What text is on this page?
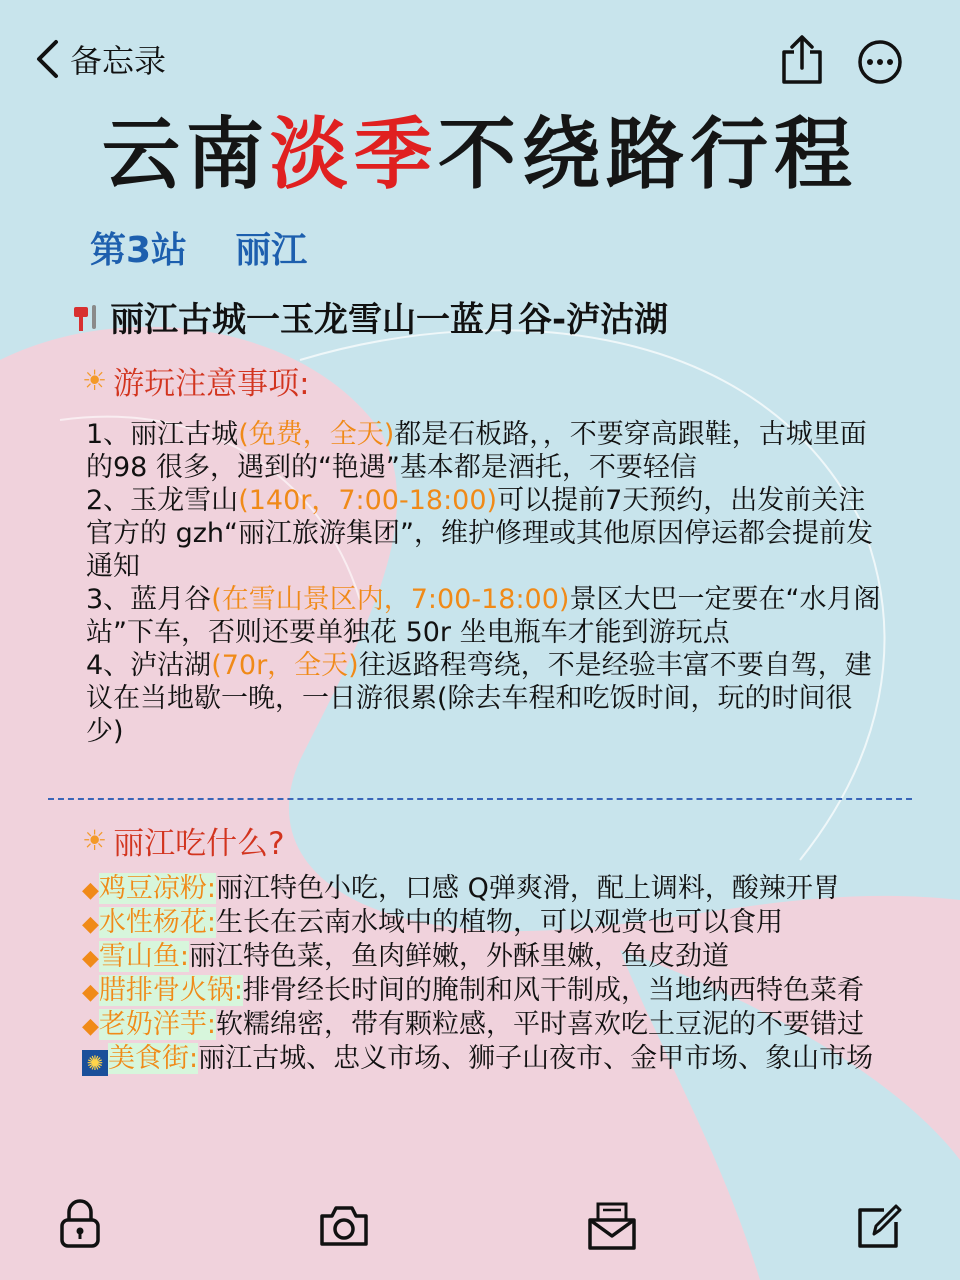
备忘录
云南淡季不绕路行程
第3站 丽江
丽江古城一玉龙雪山一蓝月谷-泸沽湖
☀ 游玩注意事项:

1、丽江古城(免费，全天)都是石板路，，不要穿高跟鞋，古城里面的98 很多，遇到的“艳遇”基本都是酒托，不要轻信

2、玉龙雪山(140r，7:00-18:00)可以提前7天预约，出发前关注官方的 gzh“丽江旅游集团”，维护修理或其他原因停运都会提前发通知

3、蓝月谷(在雪山景区内，7:00-18:00)景区大巴一定要在“水月阁站”下车，否则还要单独花 50r 坐电瓶车才能到游玩点

4、泸沽湖(70r，全天)往返路程弯绕，不是经验丰富不要自驾，建议在当地歇一晚，一日游很累(除去车程和吃饭时间，玩的时间很少)

☀ 丽江吃什么?

◆鸡豆凉粉:丽江特色小吃，口感 Q弹爽滑，配上调料，酸辣开胃

◆水性杨花:生长在云南水域中的植物，可以观赏也可以食用

◆雪山鱼:丽江特色菜，鱼肉鲜嫩，外酥里嫩，鱼皮劲道

◆腊排骨火锅:排骨经长时间的腌制和风干制成，当地纳西特色菜肴

◆老奶洋芋:软糯绵密，带有颗粒感，平时喜欢吃土豆泥的不要错过

✺ 美食街:丽江古城、忠义市场、狮子山夜市、金甲市场、象山市场
